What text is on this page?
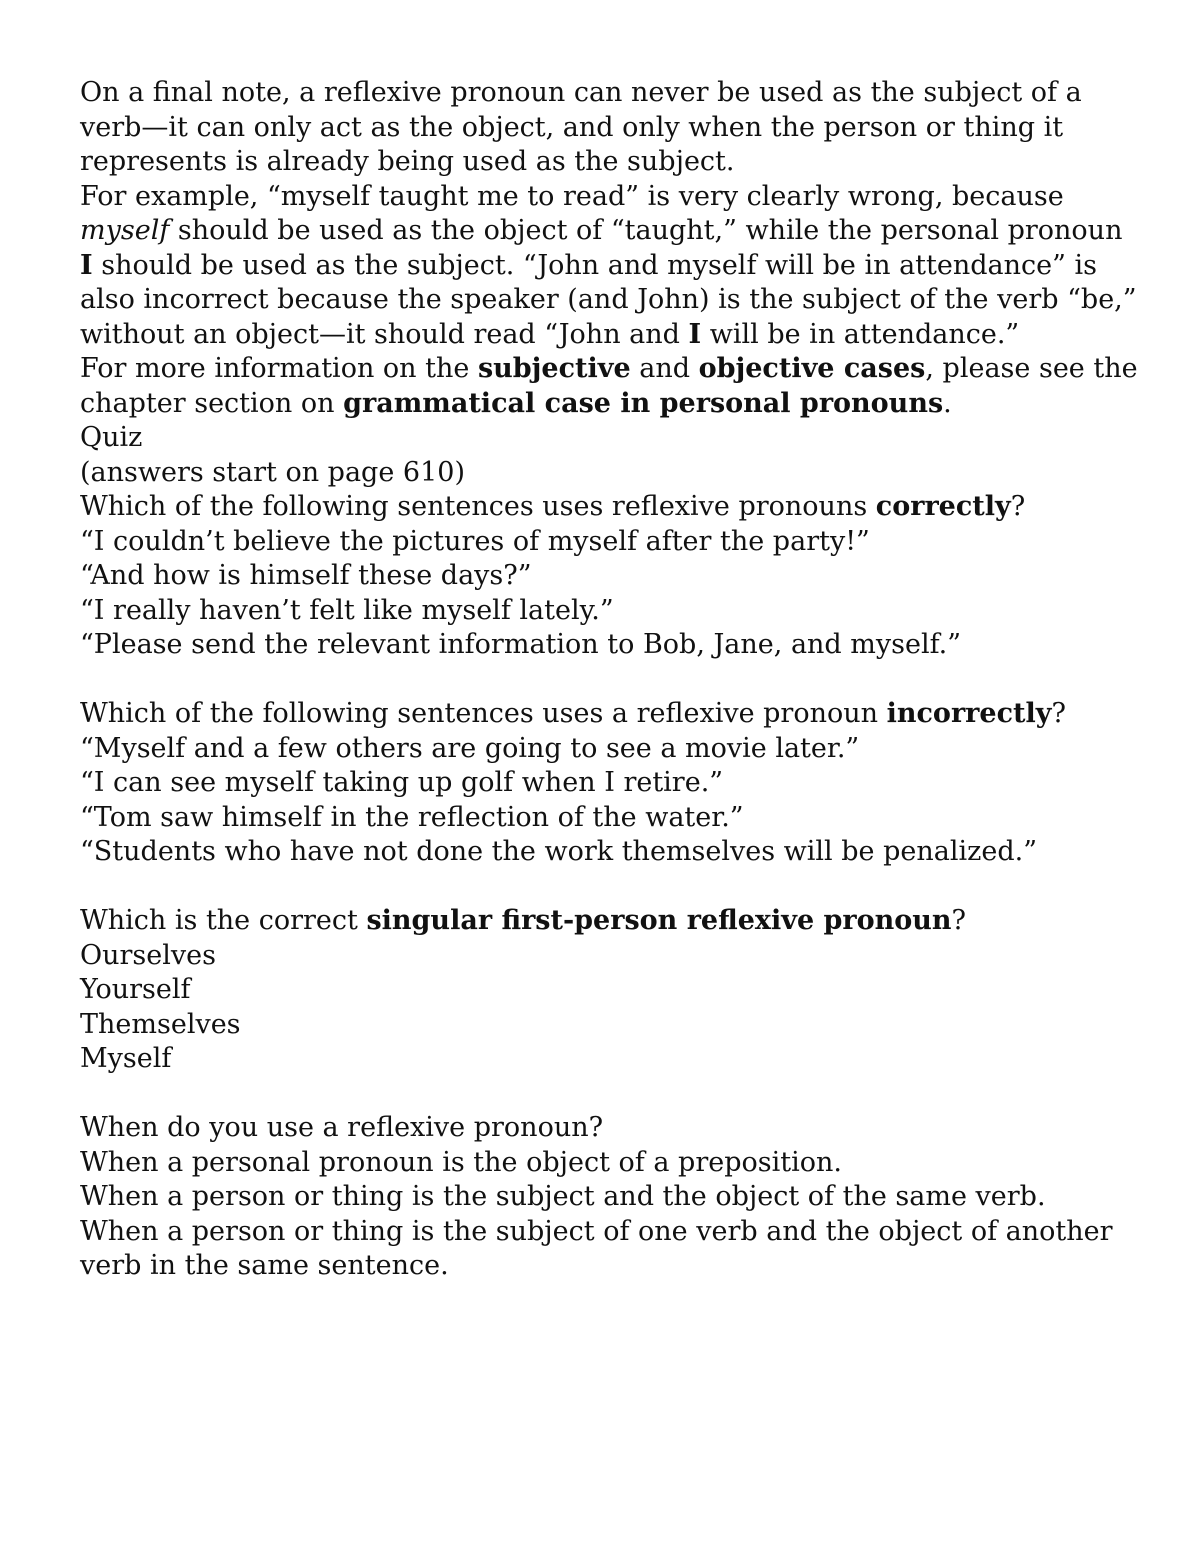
On a final note, a reflexive pronoun can never be used as the subject of a verb—it can only act as the object, and only when the person or thing it represents is already being used as the subject.

For example, “myself taught me to read” is very clearly wrong, because myself should be used as the object of “taught,” while the personal pronoun I should be used as the subject. “John and myself will be in attendance” is also incorrect because the speaker (and John) is the subject of the verb “be,” without an object—it should read “John and I will be in attendance.”

For more information on the subjective and objective cases, please see the chapter section on grammatical case in personal pronouns.

Quiz

(answers start on page 610)

Which of the following sentences uses reflexive pronouns correctly?

“I couldn’t believe the pictures of myself after the party!”

“And how is himself these days?”

“I really haven’t felt like myself lately.”

“Please send the relevant information to Bob, Jane, and myself.”

Which of the following sentences uses a reflexive pronoun incorrectly?

“Myself and a few others are going to see a movie later.”

“I can see myself taking up golf when I retire.”

“Tom saw himself in the reflection of the water.”

“Students who have not done the work themselves will be penalized.”

Which is the correct singular first-person reflexive pronoun?

Ourselves

Yourself

Themselves

Myself

When do you use a reflexive pronoun?

When a personal pronoun is the object of a preposition.

When a person or thing is the subject and the object of the same verb.

When a person or thing is the subject of one verb and the object of another verb in the same sentence.
